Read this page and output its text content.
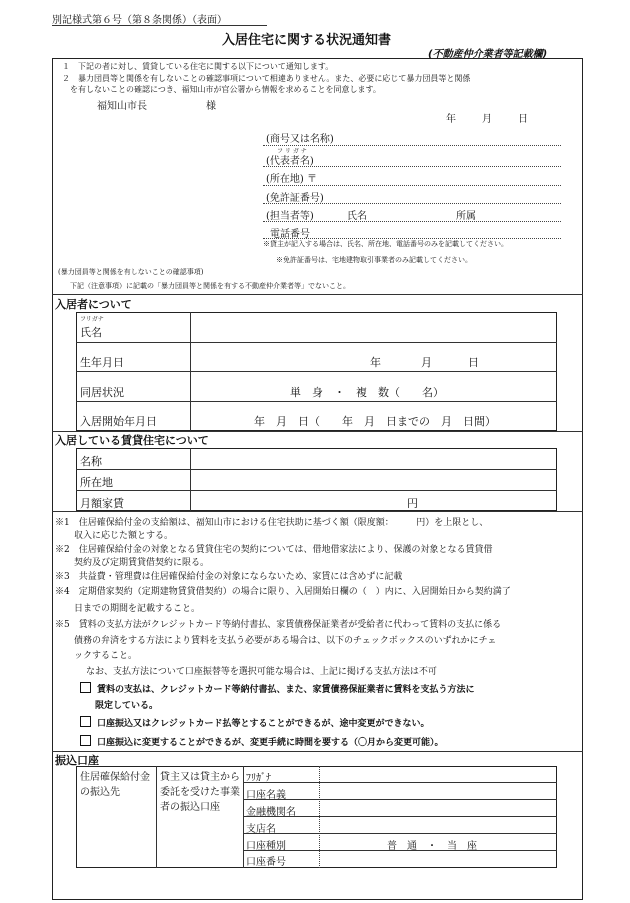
別記様式第６号（第８条関係）（表面）
入居住宅に関する状況通知書
(不動産仲介業者等記載欄)
１　下記の者に対し、賃貸している住宅に関する以下について通知します。
２　暴力団員等と関係を有しないことの確認事項について相違ありません。また、必要に応じて暴力団員等と関係
を有しないことの確認につき、福知山市が官公署から情報を求めることを同意します。
福知山市長	様
年	月	日
(商号又は名称)
フ リ ガ ナ
(代表者名)
(所在地) 〒
(免許証番号)
(担当者等)	氏名	所属
電話番号
※貸主が記入する場合は、氏名、所在地、電話番号のみを記載してください。
※免許証番号は、宅地建物取引事業者のみ記載してください。
(暴力団員等と関係を有しないことの確認事項)
下記（注意事項）に記載の「暴力団員等と関係を有する不動産仲介業者等」でないこと。
入居者について
フリガナ
氏名
生年月日	年	月	日
同居状況	単　身　・　複　数（　　名）
入居開始年月日	年　月　日（　　年　月　日までの　月　日間）
入居している賃貸住宅について
名称
所在地
月額家賃	円
※1　住居確保給付金の支給額は、福知山市における住宅扶助に基づく額（限度額：　　　円）を上限とし、
収入に応じた額とする。
※2　住居確保給付金の対象となる賃貸住宅の契約については、借地借家法により、保護の対象となる賃貸借
契約及び定期賃貸借契約に限る。
※3　共益費・管理費は住居確保給付金の対象にならないため、家賃には含めずに記載
※4　定期借家契約（定期建物賃貸借契約）の場合に限り、入居開始日欄の（　）内に、入居開始日から契約満了
日までの期間を記載すること。
※5　賃料の支払方法がクレジットカード等納付書払、家賃債務保証業者が受給者に代わって賃料の支払に係る
債務の弁済をする方法により賃料を支払う必要がある場合は、以下のチェックボックスのいずれかにチェ
ックすること。
なお、支払方法について口座振替等を選択可能な場合は、上記に掲げる支払方法は不可
賃料の支払は、クレジットカード等納付書払、また、家賃債務保証業者に賃料を支払う方法に
限定している。
口座振込又はクレジットカード払等とすることができるが、途中変更ができない。
口座振込に変更することができるが、変更手続に時間を要する（〇月から変更可能）。
振込口座
住居確保給付金の振込先
貸主又は貸主から委託を受けた事業者の振込口座
ﾌﾘｶﾞﾅ
口座名義
金融機関名
支店名
口座種別	普　通　・　当　座
口座番号
